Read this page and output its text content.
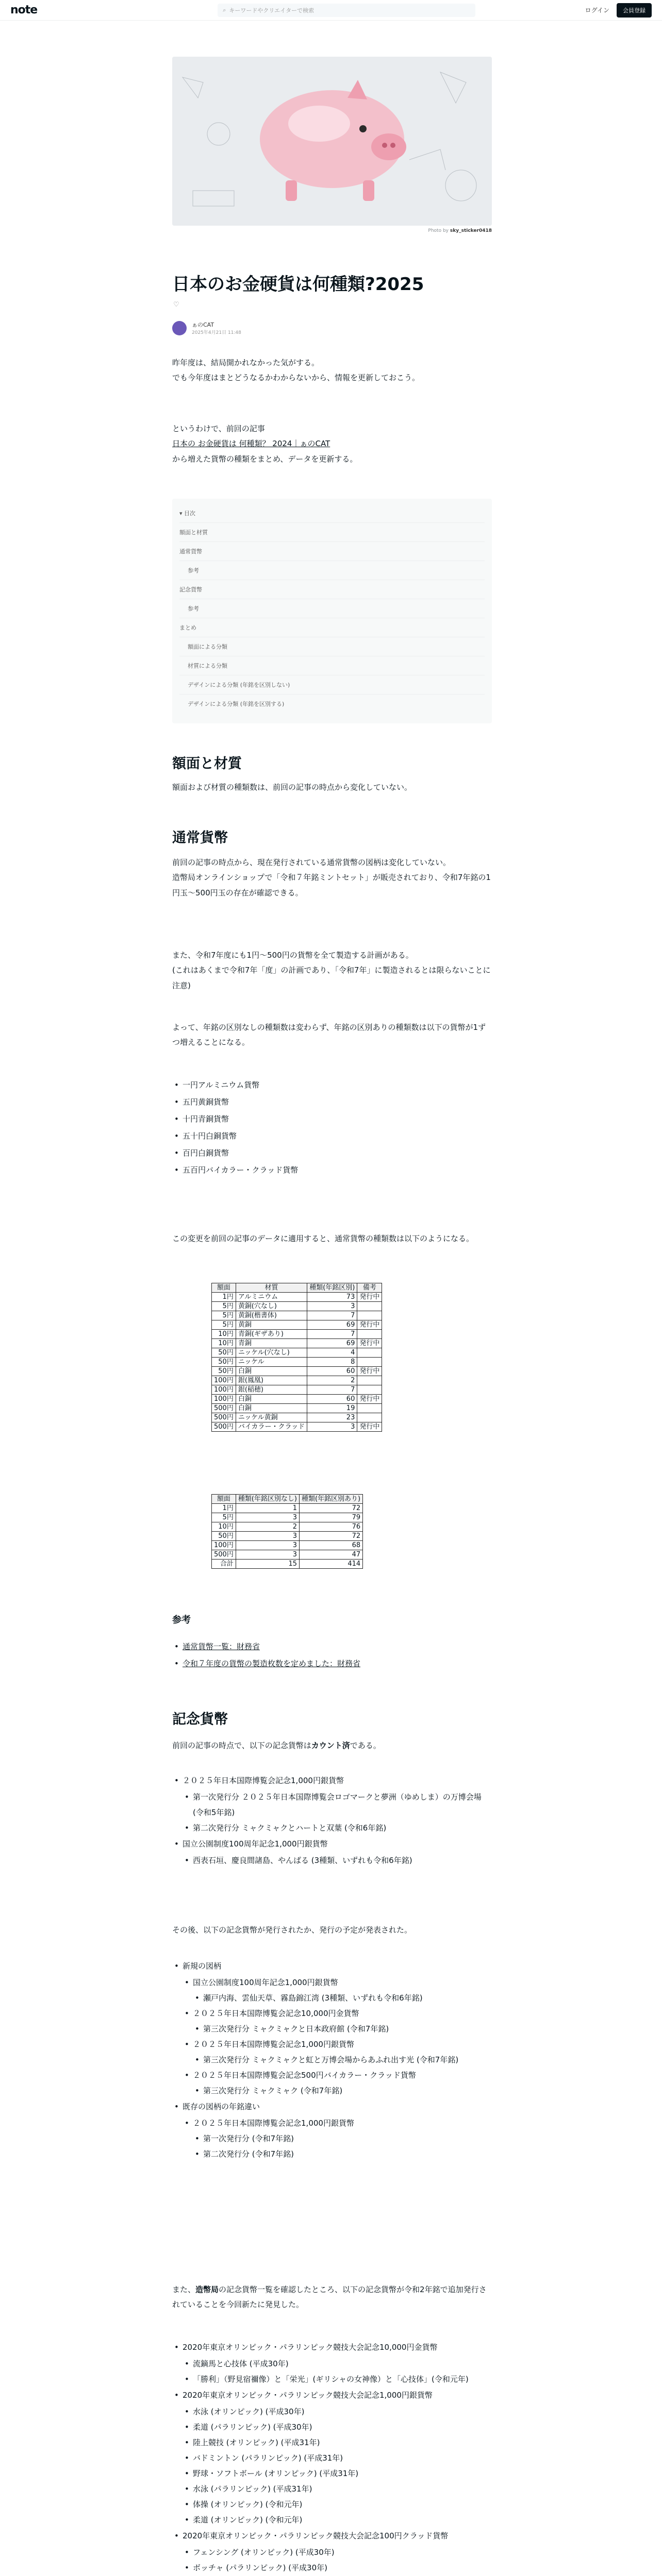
note	⌕ キーワードやクリエイターで検索	ログイン	会員登録
Photo by sky_sticker0418
日本のお金硬貨は何種類?2025
♡
ぁのCAT
2025年4月21日 11:48

昨年度は、結局開かれなかった気がする。

でも今年度はまとどうなるかわからないから、情報を更新しておこう。

というわけで、前回の記事

日本の お金硬貨は 何種類？ 2024｜ぁのCAT

から増えた貨幣の種類をまとめ、データを更新する。

▾ 目次
額面と材質
通常貨幣
参考
記念貨幣
参考
まとめ
額面による分類
材質による分類
デザインによる分類 (年銘を区別しない)
デザインによる分類 (年銘を区別する)
額面と材質

額面および材質の種類数は、前回の記事の時点から変化していない。

通常貨幣

前回の記事の時点から、現在発行されている通常貨幣の図柄は変化していない。

造幣局オンラインショップで「令和７年銘ミントセット」が販売されており、令和7年銘の1円玉〜500円玉の存在が確認できる。

また、令和7年度にも1円〜500円の貨幣を全て製造する計画がある。

(これはあくまで令和7年「度」の計画であり、「令和7年」に製造されるとは限らないことに注意)

よって、年銘の区別なしの種類数は変わらず、年銘の区別ありの種類数は以下の貨幣が1ずつ増えることになる。

• 一円アルミニウム貨幣
• 五円黄銅貨幣
• 十円青銅貨幣
• 五十円白銅貨幣
• 百円白銅貨幣
• 五百円バイカラー・クラッド貨幣

この変更を前回の記事のデータに適用すると、通常貨幣の種類数は以下のようになる。

額面	材質	種類(年銘区別)	備考
1円	アルミニウム	73	発行中
5円	黄銅(穴なし)	3	
5円	黄銅(楷書体)	7	
5円	黄銅	69	発行中
10円	青銅(ギザあり)	7	
10円	青銅	69	発行中
50円	ニッケル(穴なし)	4	
50円	ニッケル	8	
50円	白銅	60	発行中
100円	銀(鳳凰)	2	
100円	銀(稲穂)	7	
100円	白銅	60	発行中
500円	白銅	19	
500円	ニッケル黄銅	23	
500円	バイカラー・クラッド	3	発行中
額面	種類(年銘区別なし)	種類(年銘区別あり)
1円	1	72
5円	3	79
10円	2	76
50円	3	72
100円	3	68
500円	3	47
合計	15	414
参考
• 通常貨幣一覧：財務省
• 令和７年度の貨幣の製造枚数を定めました：財務省
記念貨幣

前回の記事の時点で、以下の記念貨幣はカウント済である。

• ２０２５年日本国際博覧会記念1,000円銀貨幣
• 第一次発行分 ２０２５年日本国際博覧会ロゴマークと夢洲（ゆめしま）の万博会場 (令和5年銘)
• 第二次発行分 ミャクミャクとハートと双葉 (令和6年銘)
• 国立公園制度100周年記念1,000円銀貨幣
• 西表石垣、慶良間諸島、やんばる (3種類、いずれも令和6年銘)

その後、以下の記念貨幣が発行されたか、発行の予定が発表された。

• 新規の図柄
• 国立公園制度100周年記念1,000円銀貨幣
• 瀬戸内海、雲仙天草、霧島錦江湾 (3種類、いずれも令和6年銘)
• ２０２５年日本国際博覧会記念10,000円金貨幣
• 第三次発行分 ミャクミャクと日本政府館 (令和7年銘)
• ２０２５年日本国際博覧会記念1,000円銀貨幣
• 第三次発行分 ミャクミャクと虹と万博会場からあふれ出す光 (令和7年銘)
• ２０２５年日本国際博覧会記念500円バイカラー・クラッド貨幣
• 第三次発行分 ミャクミャク (令和7年銘)
• 既存の図柄の年銘違い
• ２０２５年日本国際博覧会記念1,000円銀貨幣
• 第一次発行分 (令和7年銘)
• 第二次発行分 (令和7年銘)

また、造幣局の記念貨幣一覧を確認したところ、以下の記念貨幣が令和2年銘で追加発行されていることを今回新たに発見した。

• 2020年東京オリンピック・パラリンピック競技大会記念10,000円金貨幣
• 流鏑馬と心技体 (平成30年)
• 「勝利」（野見宿禰像）と「栄光」(ギリシャの女神像）と「心技体」(令和元年)
• 2020年東京オリンピック・パラリンピック競技大会記念1,000円銀貨幣
• 水泳 (オリンピック) (平成30年)
• 柔道 (パラリンピック) (平成30年)
• 陸上競技 (オリンピック) (平成31年)
• バドミントン (パラリンピック) (平成31年)
• 野球・ソフトボール (オリンピック) (平成31年)
• 水泳 (パラリンピック) (平成31年)
• 体操 (オリンピック) (令和元年)
• 柔道 (オリンピック) (令和元年)
• 2020年東京オリンピック・パラリンピック競技大会記念100円クラッド貨幣
• フェンシング (オリンピック) (平成30年)
• ボッチャ (パラリンピック) (平成30年)
•
